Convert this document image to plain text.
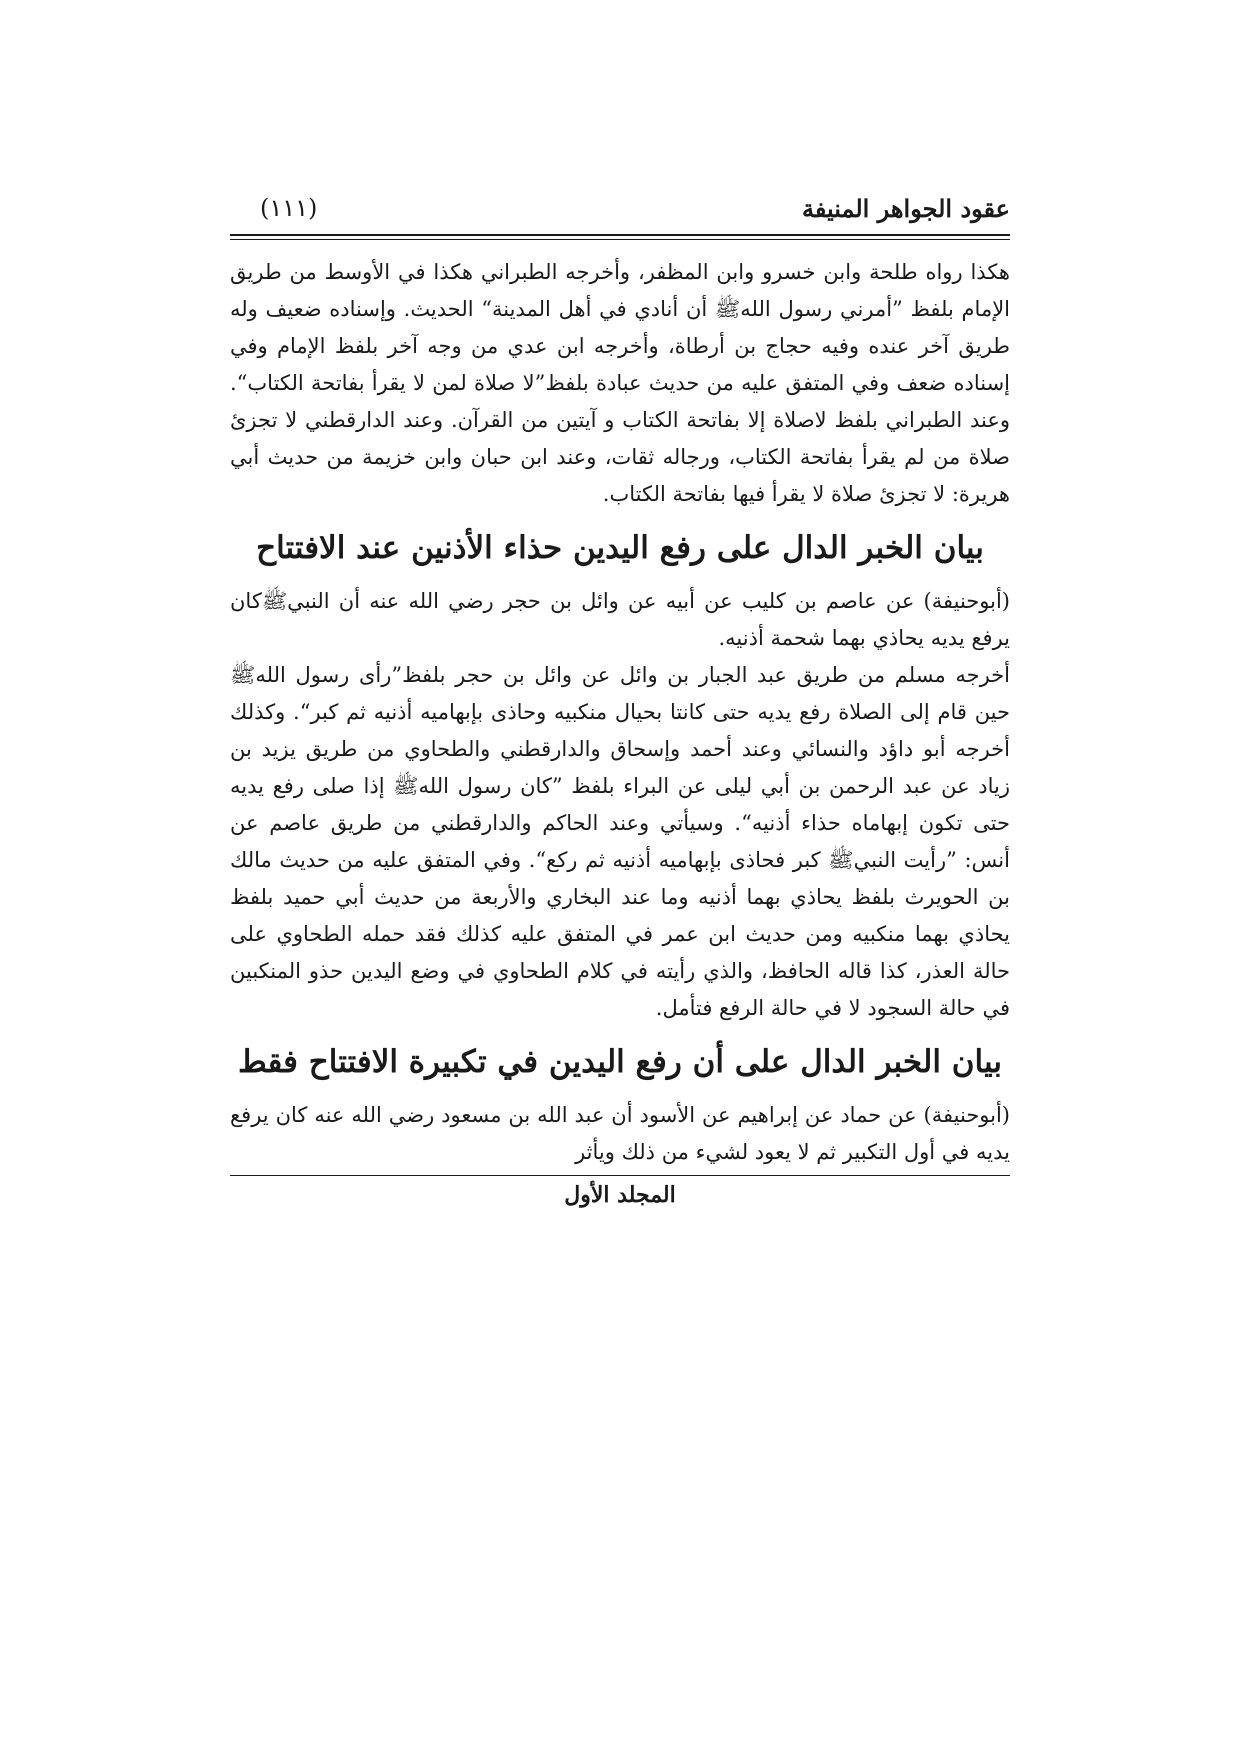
عقود الجواهر المنيفة
(١١١)

هكذا رواه طلحة وابن خسرو وابن المظفر، وأخرجه الطبراني هكذا في الأوسط من طريق الإمام بلفظ ”أمرني رسول اللهﷺ أن أنادي في أهل المدينة“ الحديث. وإسناده ضعيف وله طريق آخر عنده وفيه حجاج بن أرطاة، وأخرجه ابن عدي من وجه آخر بلفظ الإمام وفي إسناده ضعف وفي المتفق عليه من حديث عبادة بلفظ”لا صلاة لمن لا يقرأ بفاتحة الكتاب“. وعند الطبراني بلفظ لاصلاة إلا بفاتحة الكتاب و آيتين من القرآن. وعند الدارقطني لا تجزئ صلاة من لم يقرأ بفاتحة الكتاب، ورجاله ثقات، وعند ابن حبان وابن خزيمة من حديث أبي هريرة: لا تجزئ صلاة لا يقرأ فيها بفاتحة الكتاب.

بيان الخبر الدال على رفع اليدين حذاء الأذنين عند الافتتاح

(أبوحنيفة) عن عاصم بن كليب عن أبيه عن وائل بن حجر رضي الله عنه أن النبيﷺكان يرفع يديه يحاذي بهما شحمة أذنيه.

أخرجه مسلم من طريق عبد الجبار بن وائل عن وائل بن حجر بلفظ”رأى رسول اللهﷺ حين قام إلى الصلاة رفع يديه حتى كانتا بحيال منكبيه وحاذى بإبهاميه أذنيه ثم كبر“. وكذلك أخرجه أبو داؤد والنسائي وعند أحمد وإسحاق والدارقطني والطحاوي من طريق يزيد بن زياد عن عبد الرحمن بن أبي ليلى عن البراء بلفظ ”كان رسول اللهﷺ إذا صلى رفع يديه حتى تكون إبهاماه حذاء أذنيه“. وسيأتي وعند الحاكم والدارقطني من طريق عاصم عن أنس: ”رأيت النبيﷺ كبر فحاذى بإبهاميه أذنيه ثم ركع“. وفي المتفق عليه من حديث مالك بن الحويرث بلفظ يحاذي بهما أذنيه وما عند البخاري والأربعة من حديث أبي حميد بلفظ يحاذي بهما منكبيه ومن حديث ابن عمر في المتفق عليه كذلك فقد حمله الطحاوي على حالة العذر، كذا قاله الحافظ، والذي رأيته في كلام الطحاوي في وضع اليدين حذو المنكبين في حالة السجود لا في حالة الرفع فتأمل.

بيان الخبر الدال على أن رفع اليدين في تكبيرة الافتتاح فقط

(أبوحنيفة) عن حماد عن إبراهيم عن الأسود أن عبد الله بن مسعود رضي الله عنه كان يرفع يديه في أول التكبير ثم لا يعود لشيء من ذلك ويأثر

المجلد الأول
